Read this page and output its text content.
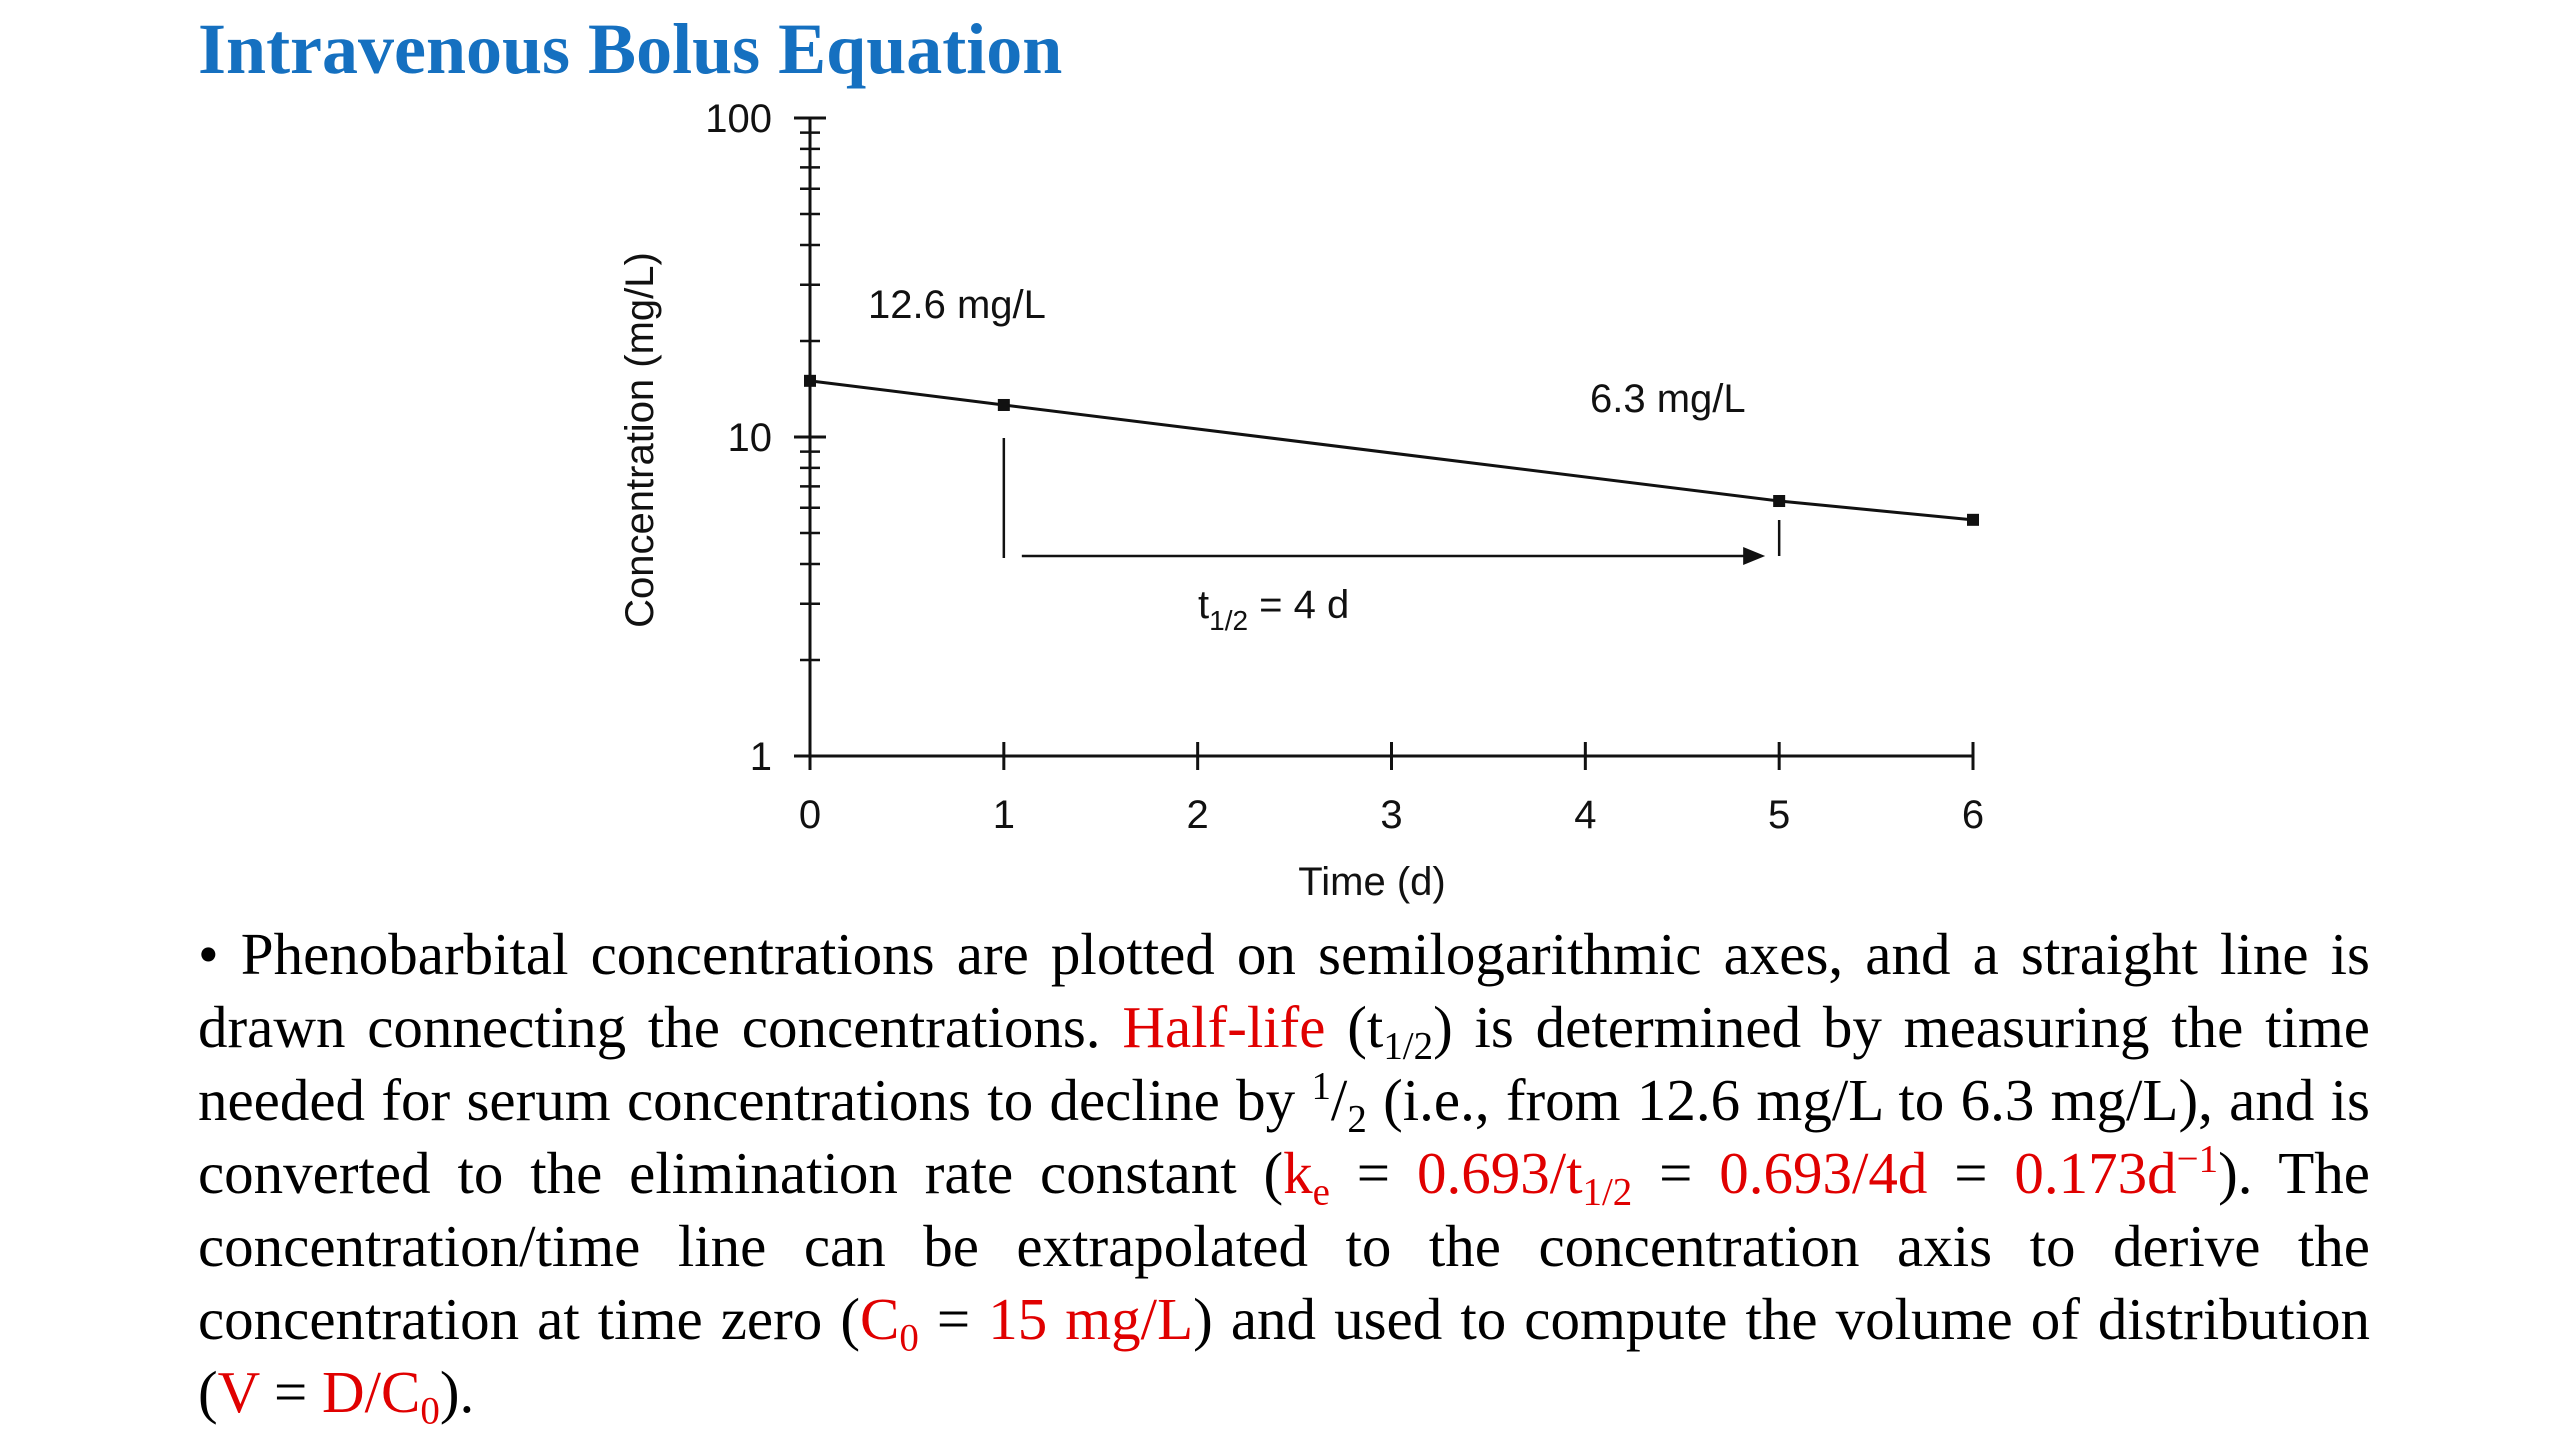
Intravenous Bolus Equation
0	1	2	3	4	5	6
1
10
100
Time (d)
Concentration (mg/L)	12.6 mg/L
6.3 mg/L
$t_{1/2} = 4$ d

• Phenobarbital concentrations are plotted on semilogarithmic axes, and a straight line is drawn connecting the concentrations. Half-life $(t_{1/2})$ is determined by measuring the time needed for serum concentrations to decline by $^1/_2$ (i.e., from 12.6 mg/L to 6.3 mg/L), and is converted to the elimination rate constant $(k_e = 0.693/t_{1/2} = 0.693/4d = 0.173d^{-1})$. The concentration/time line can be extrapolated to the concentration axis to derive the concentration at time zero ($C_0 = 15$ mg/L) and used to compute the volume of distribution $(V = D/C_0)$.
